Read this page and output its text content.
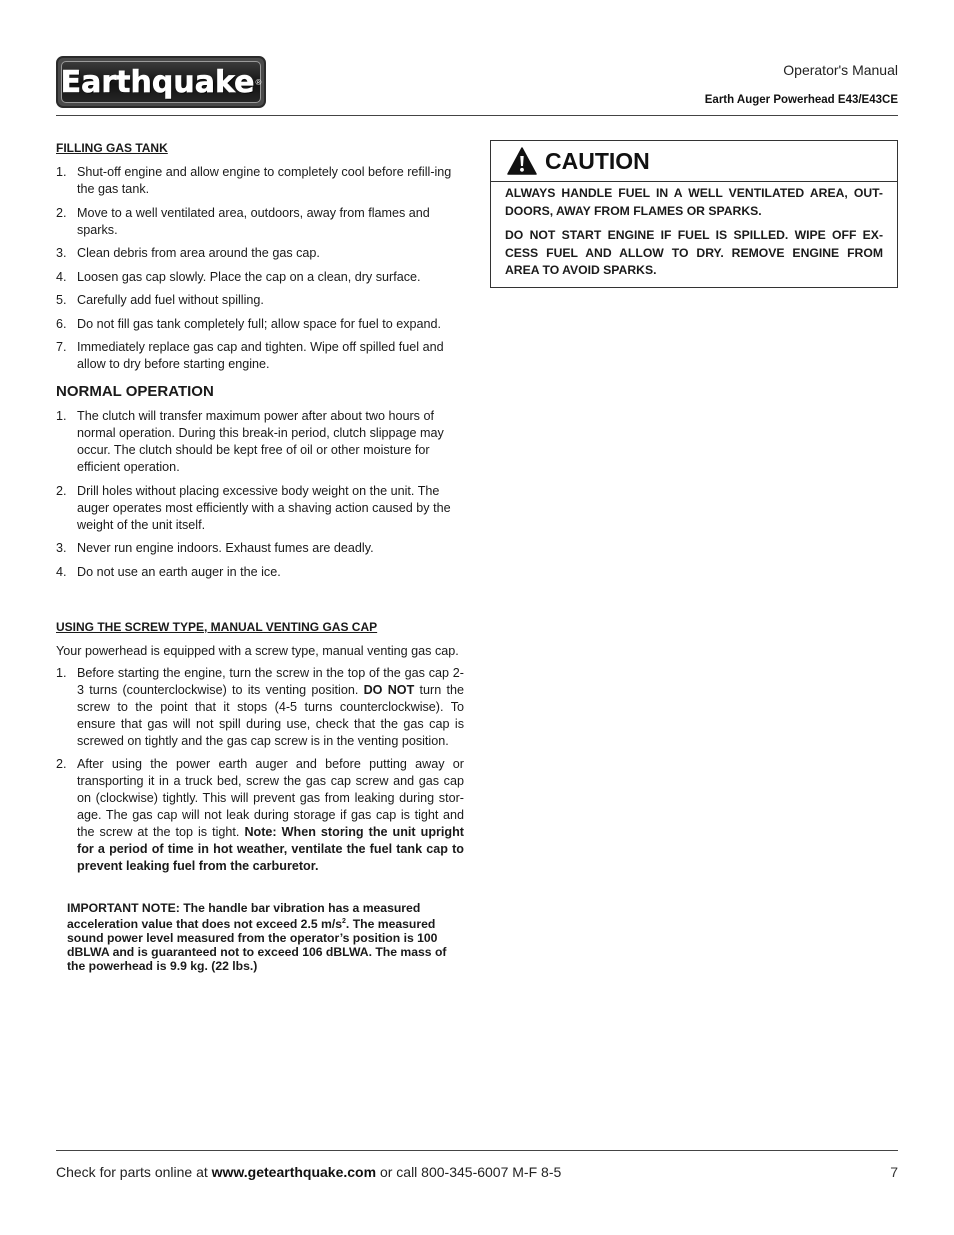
Earthquake ®
Operator's Manual
Earth Auger Powerhead E43/E43CE
FILLING GAS TANK
1. Shut-off engine and allow engine to completely cool before refill-ing the gas tank.
2. Move to a well ventilated area, outdoors, away from flames and sparks.
3. Clean debris from area around the gas cap.
4. Loosen gas cap slowly. Place the cap on a clean, dry surface.
5. Carefully add fuel without spilling.
6. Do not fill gas tank completely full; allow space for fuel to expand.
7. Immediately replace gas cap and tighten. Wipe off spilled fuel and allow to dry before starting engine.
NORMAL OPERATION
1. The clutch will transfer maximum power after about two hours of normal operation. During this break-in period, clutch slippage may occur. The clutch should be kept free of oil or other moisture for efficient operation.
2. Drill holes without placing excessive body weight on the unit. The auger operates most efficiently with a shaving action caused by the weight of the unit itself.
3. Never run engine indoors. Exhaust fumes are deadly.
4. Do not use an earth auger in the ice.
USING THE SCREW TYPE, MANUAL VENTING GAS CAP

Your powerhead is equipped with a screw type, manual venting gas cap.

1. Before starting the engine, turn the screw in the top of the gas cap 2-3 turns (counterclockwise) to its venting position. DO NOT turn the screw to the point that it stops (4-5 turns counterclockwise). To ensure that gas will not spill during use, check that the gas cap is screwed on tightly and the gas cap screw is in the venting position.
2. After using the power earth auger and before putting away or transporting it in a truck bed, screw the gas cap screw and gas cap on (clockwise) tightly. This will prevent gas from leaking during stor-age. The gas cap will not leak during storage if gas cap is tight and the screw at the top is tight. Note: When storing the unit upright for a period of time in hot weather, ventilate the fuel tank cap to prevent leaking fuel from the carburetor.
IMPORTANT NOTE: The handle bar vibration has a measured acceleration value that does not exceed 2.5 $m/s^2$. The measured sound power level measured from the operator’s position is 100 dBLWA and is guaranteed not to exceed 106 dBLWA. The mass of the powerhead is 9.9 kg. (22 lbs.)
CAUTION

ALWAYS HANDLE FUEL IN A WELL VENTILATED AREA, OUT-DOORS, AWAY FROM FLAMES OR SPARKS.

DO NOT START ENGINE IF FUEL IS SPILLED. WIPE OFF EX-CESS FUEL AND ALLOW TO DRY. REMOVE ENGINE FROM AREA TO AVOID SPARKS.

Check for parts online at www.getearthquake.com or call 800-345-6007 M-F 8-5	7
